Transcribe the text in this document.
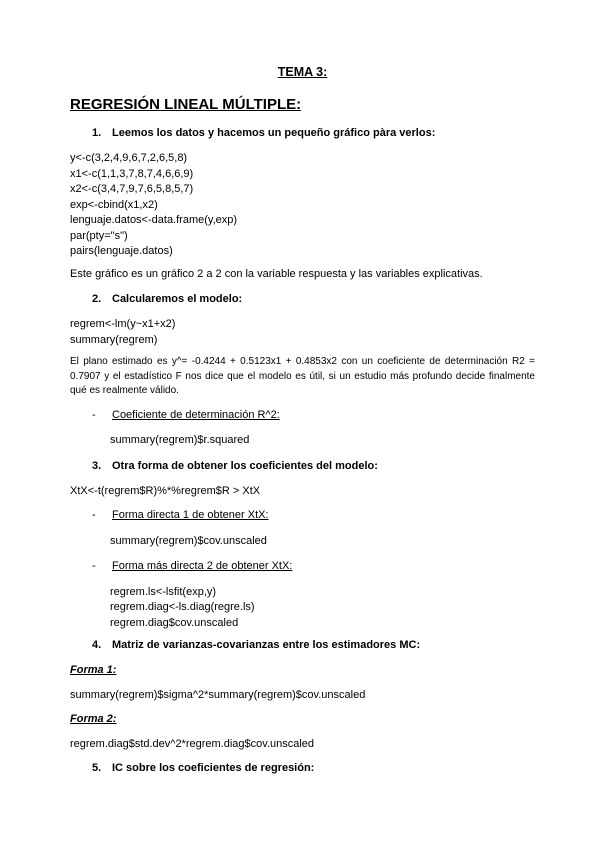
TEMA 3:
REGRESIÓN LINEAL MÚLTIPLE:
1. Leemos los datos y hacemos un pequeño gráfico pàra verlos:
y<-c(3,2,4,9,6,7,2,6,5,8)
x1<-c(1,1,3,7,8,7,4,6,6,9)
x2<-c(3,4,7,9,7,6,5,8,5,7)
exp<-cbind(x1,x2)
lenguaje.datos<-data.frame(y,exp)
par(pty="s")
pairs(lenguaje.datos)

Este gráfico es un gráfico 2 a 2 con la variable respuesta y las variables explicativas.

2. Calcularemos el modelo:
regrem<-lm(y~x1+x2)
summary(regrem)

El plano estimado es y^= -0.4244 + 0.5123x1 + 0.4853x2 con un coeficiente de determinación R2 = 0.7907 y el estadístico F nos dice que el modelo es útil, si un estudio más profundo decide finalmente qué es realmente válido.

-	Coeficiente de determinación R^2:
summary(regrem)$r.squared
3. Otra forma de obtener los coeficientes del modelo:
XtX<-t(regrem$R)%*%regrem$R > XtX
-	Forma directa 1 de obtener XtX:
summary(regrem)$cov.unscaled
-	Forma más directa 2 de obtener XtX:
regrem.ls<-lsfit(exp,y)
regrem.diag<-ls.diag(regre.ls)
regrem.diag$cov.unscaled
4. Matriz de varianzas-covarianzas entre los estimadores MC:
Forma 1:
summary(regrem)$sigma^2*summary(regrem)$cov.unscaled
Forma 2:
regrem.diag$std.dev^2*regrem.diag$cov.unscaled
5. IC sobre los coeficientes de regresión:
